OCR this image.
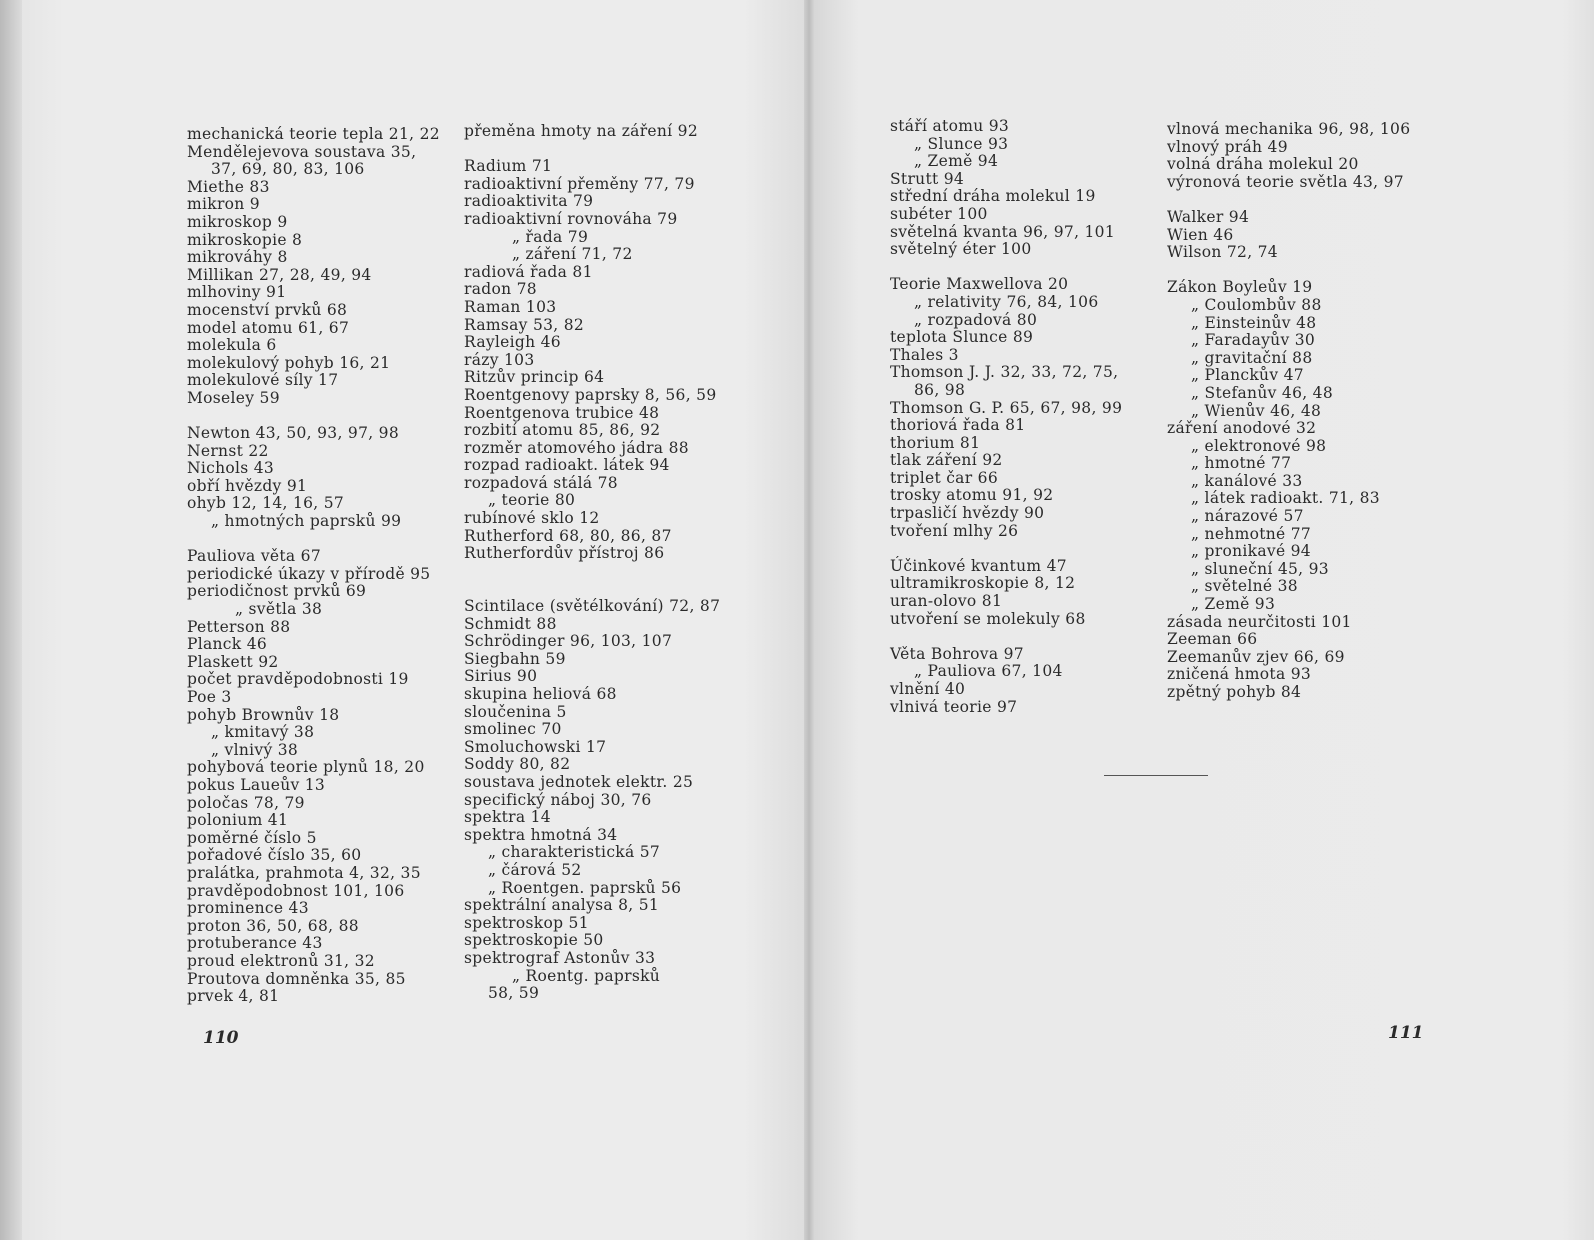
mechanická teorie tepla 21, 22
Mendělejevova soustava 35,
37, 69, 80, 83, 106
Miethe 83
mikron 9
mikroskop 9
mikroskopie 8
mikrováhy 8
Millikan 27, 28, 49, 94
mlhoviny 91
mocenství prvků 68
model atomu 61, 67
molekula 6
molekulový pohyb 16, 21
molekulové síly 17
Moseley 59
Newton 43, 50, 93, 97, 98
Nernst 22
Nichols 43
obří hvězdy 91
ohyb 12, 14, 16, 57
„ hmotných paprsků 99
Pauliova věta 67
periodické úkazy v přírodě 95
periodičnost prvků 69
„ světla 38
Petterson 88
Planck 46
Plaskett 92
počet pravděpodobnosti 19
Poe 3
pohyb Brownův 18
„ kmitavý 38
„ vlnivý 38
pohybová teorie plynů 18, 20
pokus Laueův 13
poločas 78, 79
polonium 41
poměrné číslo 5
pořadové číslo 35, 60
pralátka, prahmota 4, 32, 35
pravděpodobnost 101, 106
prominence 43
proton 36, 50, 68, 88
protuberance 43
proud elektronů 31, 32
Proutova domněnka 35, 85
prvek 4, 81
přeměna hmoty na záření 92
Radium 71
radioaktivní přeměny 77, 79
radioaktivita 79
radioaktivní rovnováha 79
„ řada 79
„ záření 71, 72
radiová řada 81
radon 78
Raman 103
Ramsay 53, 82
Rayleigh 46
rázy 103
Ritzův princip 64
Roentgenovy paprsky 8, 56, 59
Roentgenova trubice 48
rozbití atomu 85, 86, 92
rozměr atomového jádra 88
rozpad radioakt. látek 94
rozpadová stálá 78
„ teorie 80
rubínové sklo 12
Rutherford 68, 80, 86, 87
Rutherfordův přístroj 86
Scintilace (světélkování) 72, 87
Schmidt 88
Schrödinger 96, 103, 107
Siegbahn 59
Sirius 90
skupina heliová 68
sloučenina 5
smolinec 70
Smoluchowski 17
Soddy 80, 82
soustava jednotek elektr. 25
specifický náboj 30, 76
spektra 14
spektra hmotná 34
„ charakteristická 57
„ čárová 52
„ Roentgen. paprsků 56
spektrální analysa 8, 51
spektroskop 51
spektroskopie 50
spektrograf Astonův 33
„ Roentg. paprsků
58, 59
stáří atomu 93
„ Slunce 93
„ Země 94
Strutt 94
střední dráha molekul 19
subéter 100
světelná kvanta 96, 97, 101
světelný éter 100
Teorie Maxwellova 20
„ relativity 76, 84, 106
„ rozpadová 80
teplota Slunce 89
Thales 3
Thomson J. J. 32, 33, 72, 75,
86, 98
Thomson G. P. 65, 67, 98, 99
thoriová řada 81
thorium 81
tlak záření 92
triplet čar 66
trosky atomu 91, 92
trpasličí hvězdy 90
tvoření mlhy 26
Účinkové kvantum 47
ultramikroskopie 8, 12
uran-olovo 81
utvoření se molekuly 68
Věta Bohrova 97
„ Pauliova 67, 104
vlnění 40
vlnivá teorie 97
vlnová mechanika 96, 98, 106
vlnový práh 49
volná dráha molekul 20
výronová teorie světla 43, 97
Walker 94
Wien 46
Wilson 72, 74
Zákon Boyleův 19
„ Coulombův 88
„ Einsteinův 48
„ Faradayův 30
„ gravitační 88
„ Planckův 47
„ Stefanův 46, 48
„ Wienův 46, 48
záření anodové 32
„ elektronové 98
„ hmotné 77
„ kanálové 33
„ látek radioakt. 71, 83
„ nárazové 57
„ nehmotné 77
„ pronikavé 94
„ sluneční 45, 93
„ světelné 38
„ Země 93
zásada neurčitosti 101
Zeeman 66
Zeemanův zjev 66, 69
zničená hmota 93
zpětný pohyb 84
110	111
